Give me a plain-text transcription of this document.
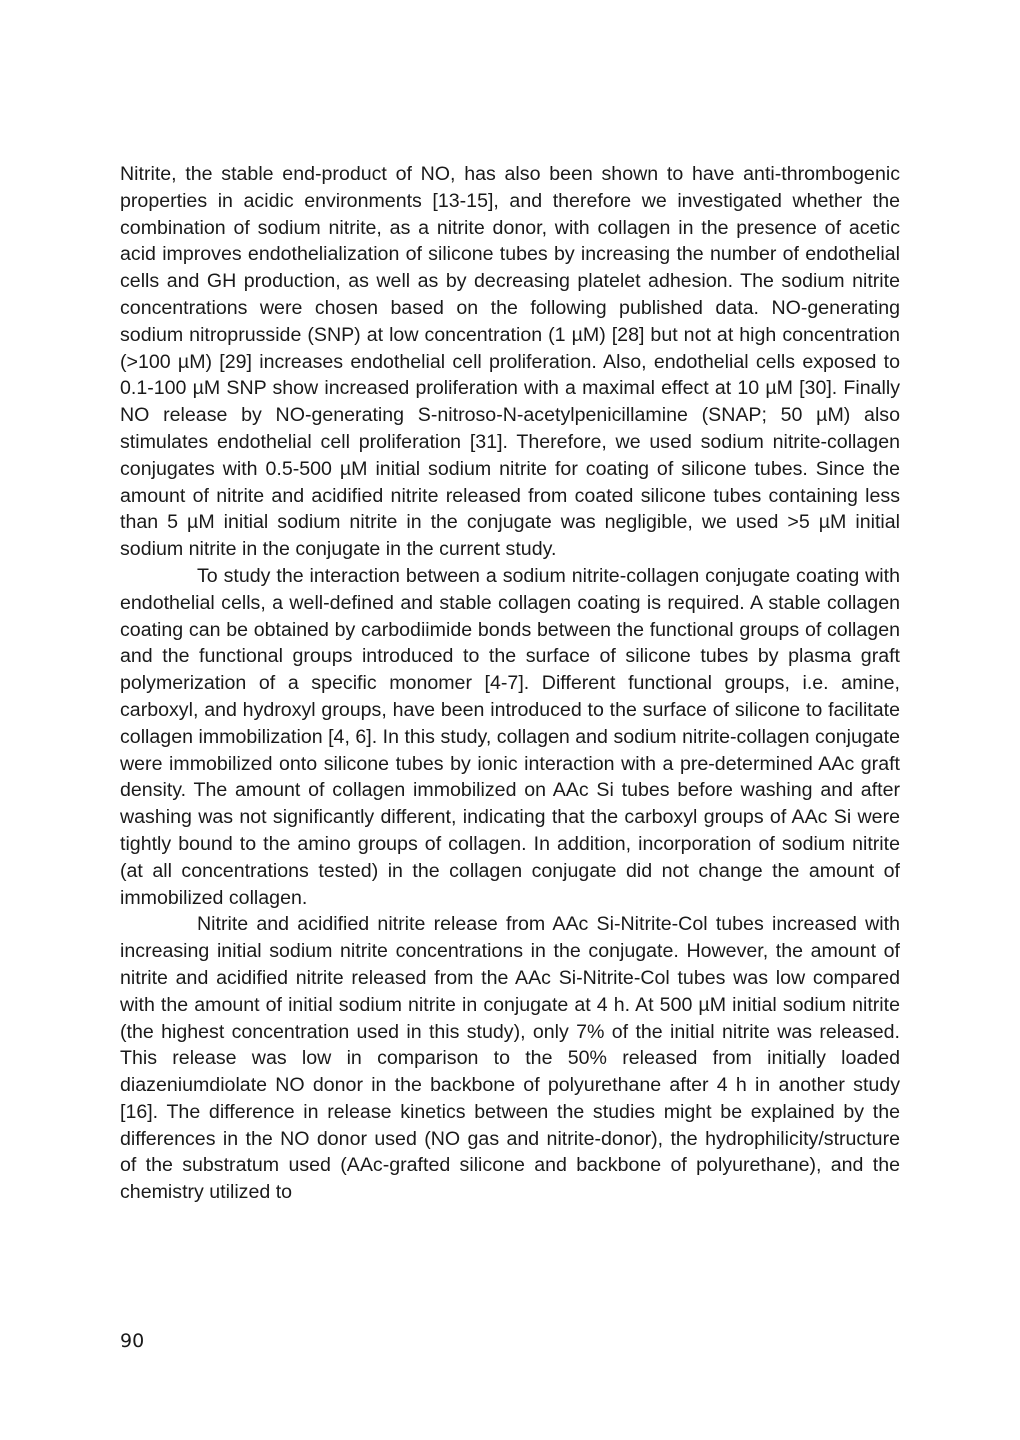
Nitrite, the stable end-product of NO, has also been shown to have anti-thrombogenic properties in acidic environments [13-15], and therefore we investigated whether the combination of sodium nitrite, as a nitrite donor, with collagen in the presence of acetic acid improves endothelialization of silicone tubes by increasing the number of endothelial cells and GH production, as well as by decreasing platelet adhesion. The sodium nitrite concentrations were chosen based on the following published data. NO-generating sodium nitroprusside (SNP) at low concentration (1 µM) [28] but not at high concentration (>100 µM) [29] increases endothelial cell proliferation. Also, endothelial cells exposed to 0.1-100 µM SNP show increased proliferation with a maximal effect at 10 µM [30]. Finally NO release by NO-generating S-nitroso-N-acetylpenicillamine (SNAP; 50 µM) also stimulates endothelial cell proliferation [31]. Therefore, we used sodium nitrite-collagen conjugates with 0.5-500 µM initial sodium nitrite for coating of silicone tubes. Since the amount of nitrite and acidified nitrite released from coated silicone tubes containing less than 5 µM initial sodium nitrite in the conjugate was negligible, we used >5 µM initial sodium nitrite in the conjugate in the current study.

To study the interaction between a sodium nitrite-collagen conjugate coating with endothelial cells, a well-defined and stable collagen coating is required. A stable collagen coating can be obtained by carbodiimide bonds between the functional groups of collagen and the functional groups introduced to the surface of silicone tubes by plasma graft polymerization of a specific monomer [4-7]. Different functional groups, i.e. amine, carboxyl, and hydroxyl groups, have been introduced to the surface of silicone to facilitate collagen immobilization [4, 6]. In this study, collagen and sodium nitrite-collagen conjugate were immobilized onto silicone tubes by ionic interaction with a pre-determined AAc graft density. The amount of collagen immobilized on AAc Si tubes before washing and after washing was not significantly different, indicating that the carboxyl groups of AAc Si were tightly bound to the amino groups of collagen. In addition, incorporation of sodium nitrite (at all concentrations tested) in the collagen conjugate did not change the amount of immobilized collagen.

Nitrite and acidified nitrite release from AAc Si-Nitrite-Col tubes increased with increasing initial sodium nitrite concentrations in the conjugate. However, the amount of nitrite and acidified nitrite released from the AAc Si-Nitrite-Col tubes was low compared with the amount of initial sodium nitrite in conjugate at 4 h. At 500 µM initial sodium nitrite (the highest concentration used in this study), only 7% of the initial nitrite was released. This release was low in comparison to the 50% released from initially loaded diazeniumdiolate NO donor in the backbone of polyurethane after 4 h in another study [16]. The difference in release kinetics between the studies might be explained by the differences in the NO donor used (NO gas and nitrite-donor), the hydrophilicity/structure of the substratum used (AAc-grafted silicone and backbone of polyurethane), and the chemistry utilized to

90
